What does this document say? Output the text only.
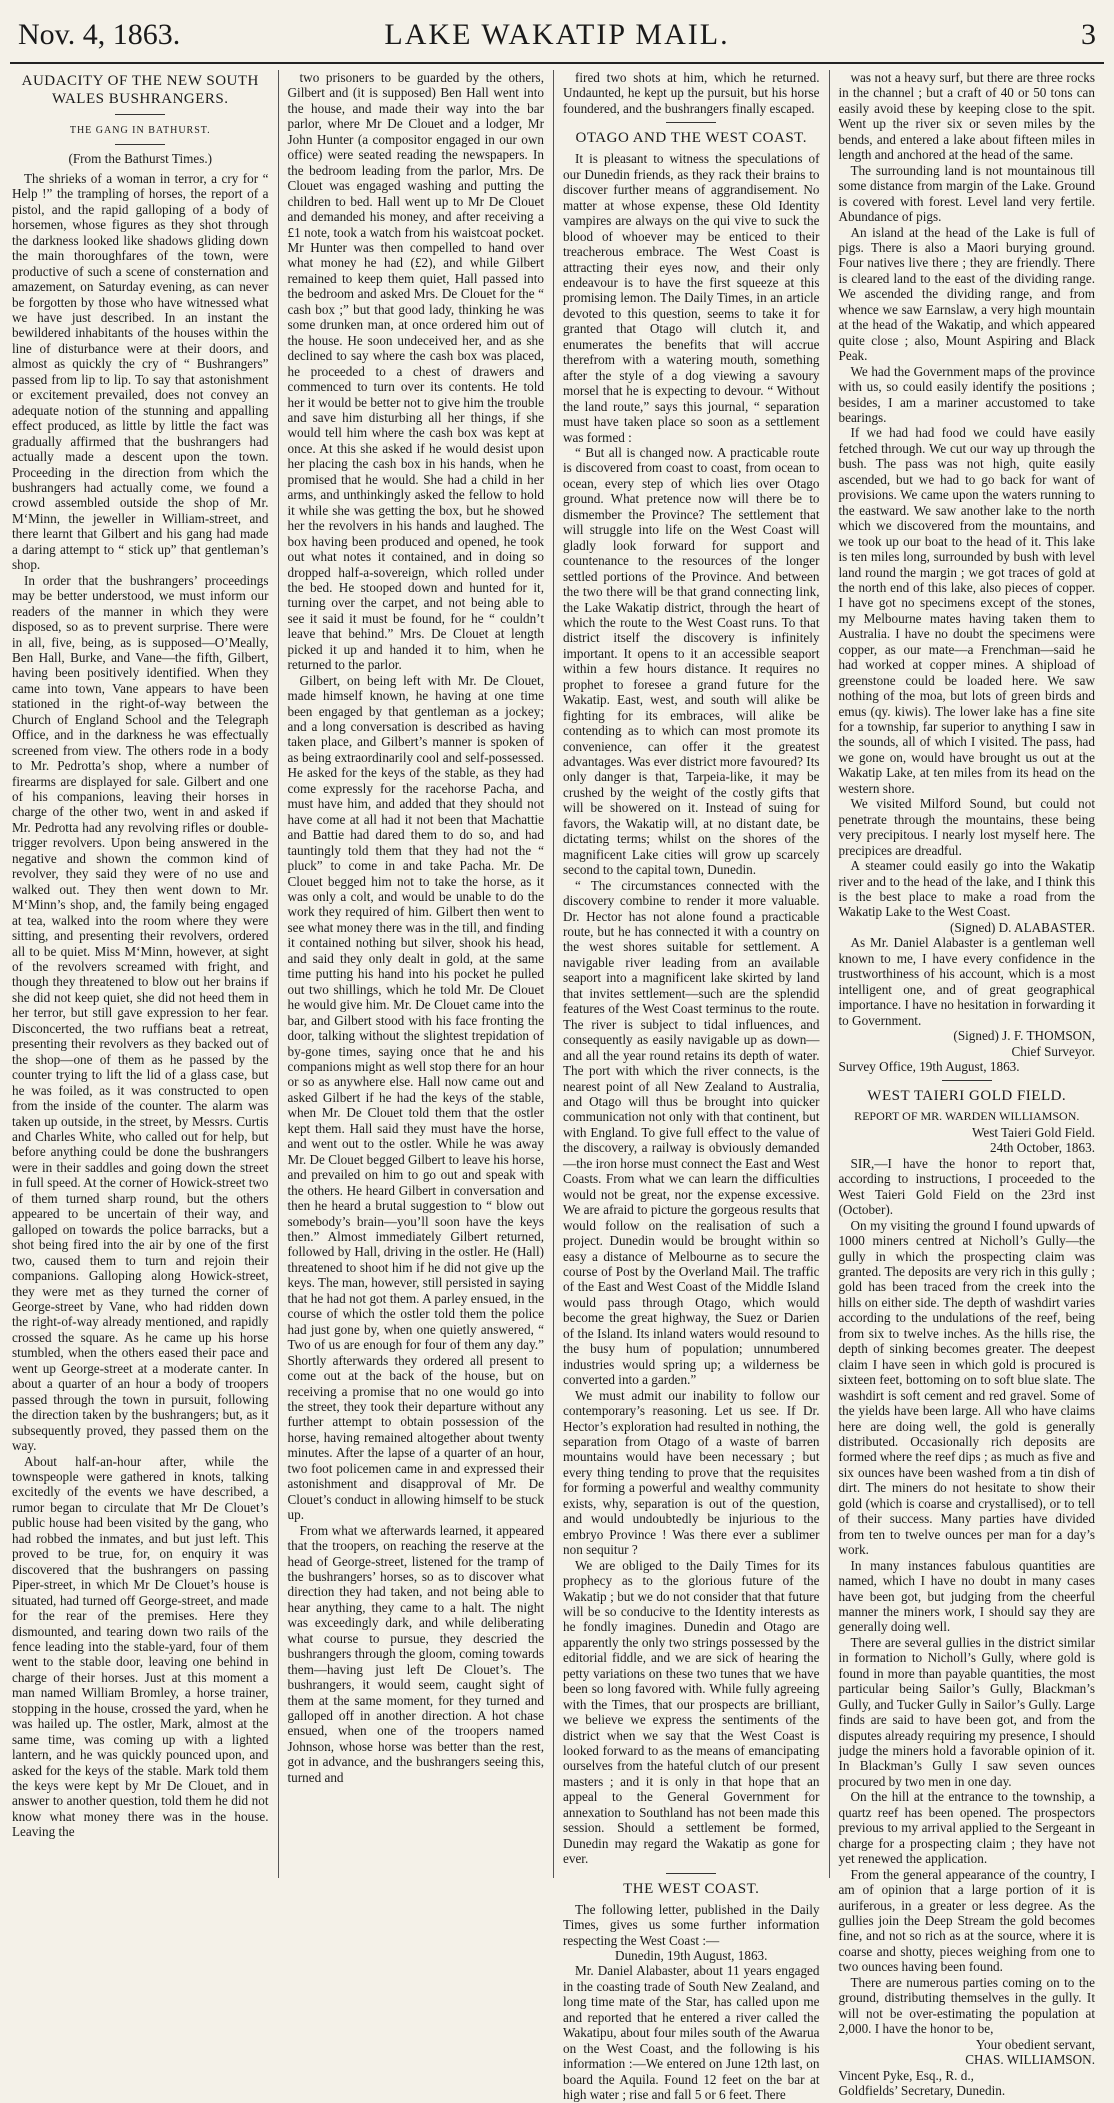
Nov. 4, 1863.	LAKE WAKATIP MAIL.	3

AUDACITY OF THE NEW SOUTH WALES BUSHRANGERS.

THE GANG IN BATHURST.

(From the Bathurst Times.)

The shrieks of a woman in terror, a cry for “ Help !” the trampling of horses, the report of a pistol, and the rapid galloping of a body of horsemen, whose figures as they shot through the darkness looked like shadows gliding down the main thoroughfares of the town, were productive of such a scene of consternation and amazement, on Saturday evening, as can never be forgotten by those who have witnessed what we have just described. In an instant the bewildered inhabitants of the houses within the line of disturbance were at their doors, and almost as quickly the cry of “ Bushrangers” passed from lip to lip. To say that astonishment or excitement prevailed, does not convey an adequate notion of the stunning and appalling effect produced, as little by little the fact was gradually affirmed that the bushrangers had actually made a descent upon the town. Proceeding in the direction from which the bushrangers had actually come, we found a crowd assembled outside the shop of Mr. M‘Minn, the jeweller in William-street, and there learnt that Gilbert and his gang had made a daring attempt to “ stick up” that gentleman’s shop.

In order that the bushrangers’ proceedings may be better understood, we must inform our readers of the manner in which they were disposed, so as to prevent surprise. There were in all, five, being, as is supposed—O’Meally, Ben Hall, Burke, and Vane—the fifth, Gilbert, having been positively identified. When they came into town, Vane appears to have been stationed in the right-of-way between the Church of England School and the Telegraph Office, and in the darkness he was effectually screened from view. The others rode in a body to Mr. Pedrotta’s shop, where a number of firearms are displayed for sale. Gilbert and one of his companions, leaving their horses in charge of the other two, went in and asked if Mr. Pedrotta had any revolving rifles or double-trigger revolvers. Upon being answered in the negative and shown the common kind of revolver, they said they were of no use and walked out. They then went down to Mr. M‘Minn’s shop, and, the family being engaged at tea, walked into the room where they were sitting, and presenting their revolvers, ordered all to be quiet. Miss M‘Minn, however, at sight of the revolvers screamed with fright, and though they threatened to blow out her brains if she did not keep quiet, she did not heed them in her terror, but still gave expression to her fear. Disconcerted, the two ruffians beat a retreat, presenting their revolvers as they backed out of the shop—one of them as he passed by the counter trying to lift the lid of a glass case, but he was foiled, as it was constructed to open from the inside of the counter. The alarm was taken up outside, in the street, by Messrs. Curtis and Charles White, who called out for help, but before anything could be done the bushrangers were in their saddles and going down the street in full speed. At the corner of Howick-street two of them turned sharp round, but the others appeared to be uncertain of their way, and galloped on towards the police barracks, but a shot being fired into the air by one of the first two, caused them to turn and rejoin their companions. Galloping along Howick-street, they were met as they turned the corner of George-street by Vane, who had ridden down the right-of-way already mentioned, and rapidly crossed the square. As he came up his horse stumbled, when the others eased their pace and went up George-street at a moderate canter. In about a quarter of an hour a body of troopers passed through the town in pursuit, following the direction taken by the bushrangers; but, as it subsequently proved, they passed them on the way.

About half-an-hour after, while the townspeople were gathered in knots, talking excitedly of the events we have described, a rumor began to circulate that Mr De Clouet’s public house had been visited by the gang, who had robbed the inmates, and but just left. This proved to be true, for, on enquiry it was discovered that the bushrangers on passing Piper-street, in which Mr De Clouet’s house is situated, had turned off George-street, and made for the rear of the premises. Here they dismounted, and tearing down two rails of the fence leading into the stable-yard, four of them went to the stable door, leaving one behind in charge of their horses. Just at this moment a man named William Bromley, a horse trainer, stopping in the house, crossed the yard, when he was hailed up. The ostler, Mark, almost at the same time, was coming up with a lighted lantern, and he was quickly pounced upon, and asked for the keys of the stable. Mark told them the keys were kept by Mr De Clouet, and in answer to another question, told them he did not know what money there was in the house. Leaving the

two prisoners to be guarded by the others, Gilbert and (it is supposed) Ben Hall went into the house, and made their way into the bar parlor, where Mr De Clouet and a lodger, Mr John Hunter (a compositor engaged in our own office) were seated reading the newspapers. In the bedroom leading from the parlor, Mrs. De Clouet was engaged washing and putting the children to bed. Hall went up to Mr De Clouet and demanded his money, and after receiving a £1 note, took a watch from his waistcoat pocket. Mr Hunter was then compelled to hand over what money he had (£2), and while Gilbert remained to keep them quiet, Hall passed into the bedroom and asked Mrs. De Clouet for the “ cash box ;” but that good lady, thinking he was some drunken man, at once ordered him out of the house. He soon undeceived her, and as she declined to say where the cash box was placed, he proceeded to a chest of drawers and commenced to turn over its contents. He told her it would be better not to give him the trouble and save him disturbing all her things, if she would tell him where the cash box was kept at once. At this she asked if he would desist upon her placing the cash box in his hands, when he promised that he would. She had a child in her arms, and unthinkingly asked the fellow to hold it while she was getting the box, but he showed her the revolvers in his hands and laughed. The box having been produced and opened, he took out what notes it contained, and in doing so dropped half-a-sovereign, which rolled under the bed. He stooped down and hunted for it, turning over the carpet, and not being able to see it said it must be found, for he “ couldn’t leave that behind.” Mrs. De Clouet at length picked it up and handed it to him, when he returned to the parlor.

Gilbert, on being left with Mr. De Clouet, made himself known, he having at one time been engaged by that gentleman as a jockey; and a long conversation is described as having taken place, and Gilbert’s manner is spoken of as being extraordinarily cool and self-possessed. He asked for the keys of the stable, as they had come expressly for the racehorse Pacha, and must have him, and added that they should not have come at all had it not been that Machattie and Battie had dared them to do so, and had tauntingly told them that they had not the “ pluck” to come in and take Pacha. Mr. De Clouet begged him not to take the horse, as it was only a colt, and would be unable to do the work they required of him. Gilbert then went to see what money there was in the till, and finding it contained nothing but silver, shook his head, and said they only dealt in gold, at the same time putting his hand into his pocket he pulled out two shillings, which he told Mr. De Clouet he would give him. Mr. De Clouet came into the bar, and Gilbert stood with his face fronting the door, talking without the slightest trepidation of by-gone times, saying once that he and his companions might as well stop there for an hour or so as anywhere else. Hall now came out and asked Gilbert if he had the keys of the stable, when Mr. De Clouet told them that the ostler kept them. Hall said they must have the horse, and went out to the ostler. While he was away Mr. De Clouet begged Gilbert to leave his horse, and prevailed on him to go out and speak with the others. He heard Gilbert in conversation and then he heard a brutal suggestion to “ blow out somebody’s brain—you’ll soon have the keys then.” Almost immediately Gilbert returned, followed by Hall, driving in the ostler. He (Hall) threatened to shoot him if he did not give up the keys. The man, however, still persisted in saying that he had not got them. A parley ensued, in the course of which the ostler told them the police had just gone by, when one quietly answered, “ Two of us are enough for four of them any day.” Shortly afterwards they ordered all present to come out at the back of the house, but on receiving a promise that no one would go into the street, they took their departure without any further attempt to obtain possession of the horse, having remained altogether about twenty minutes. After the lapse of a quarter of an hour, two foot policemen came in and expressed their astonishment and disapproval of Mr. De Clouet’s conduct in allowing himself to be stuck up.

From what we afterwards learned, it appeared that the troopers, on reaching the reserve at the head of George-street, listened for the tramp of the bushrangers’ horses, so as to discover what direction they had taken, and not being able to hear anything, they came to a halt. The night was exceedingly dark, and while deliberating what course to pursue, they descried the bushrangers through the gloom, coming towards them—having just left De Clouet’s. The bushrangers, it would seem, caught sight of them at the same moment, for they turned and galloped off in another direction. A hot chase ensued, when one of the troopers named Johnson, whose horse was better than the rest, got in advance, and the bushrangers seeing this, turned and

fired two shots at him, which he returned. Undaunted, he kept up the pursuit, but his horse foundered, and the bushrangers finally escaped.

OTAGO AND THE WEST COAST.

It is pleasant to witness the speculations of our Dunedin friends, as they rack their brains to discover further means of aggrandisement. No matter at whose expense, these Old Identity vampires are always on the qui vive to suck the blood of whoever may be enticed to their treacherous embrace. The West Coast is attracting their eyes now, and their only endeavour is to have the first squeeze at this promising lemon. The Daily Times, in an article devoted to this question, seems to take it for granted that Otago will clutch it, and enumerates the benefits that will accrue therefrom with a watering mouth, something after the style of a dog viewing a savoury morsel that he is expecting to devour. “ Without the land route,” says this journal, “ separation must have taken place so soon as a settlement was formed :

“ But all is changed now. A practicable route is discovered from coast to coast, from ocean to ocean, every step of which lies over Otago ground. What pretence now will there be to dismember the Province? The settlement that will struggle into life on the West Coast will gladly look forward for support and countenance to the resources of the longer settled portions of the Province. And between the two there will be that grand connecting link, the Lake Wakatip district, through the heart of which the route to the West Coast runs. To that district itself the discovery is infinitely important. It opens to it an accessible seaport within a few hours distance. It requires no prophet to foresee a grand future for the Wakatip. East, west, and south will alike be fighting for its embraces, will alike be contending as to which can most promote its convenience, can offer it the greatest advantages. Was ever district more favoured? Its only danger is that, Tarpeia-like, it may be crushed by the weight of the costly gifts that will be showered on it. Instead of suing for favors, the Wakatip will, at no distant date, be dictating terms; whilst on the shores of the magnificent Lake cities will grow up scarcely second to the capital town, Dunedin.

“ The circumstances connected with the discovery combine to render it more valuable. Dr. Hector has not alone found a practicable route, but he has connected it with a country on the west shores suitable for settlement. A navigable river leading from an available seaport into a magnificent lake skirted by land that invites settlement—such are the splendid features of the West Coast terminus to the route. The river is subject to tidal influences, and consequently as easily navigable up as down—and all the year round retains its depth of water. The port with which the river connects, is the nearest point of all New Zealand to Australia, and Otago will thus be brought into quicker communication not only with that continent, but with England. To give full effect to the value of the discovery, a railway is obviously demanded—the iron horse must connect the East and West Coasts. From what we can learn the difficulties would not be great, nor the expense excessive. We are afraid to picture the gorgeous results that would follow on the realisation of such a project. Dunedin would be brought within so easy a distance of Melbourne as to secure the course of Post by the Overland Mail. The traffic of the East and West Coast of the Middle Island would pass through Otago, which would become the great highway, the Suez or Darien of the Island. Its inland waters would resound to the busy hum of population; unnumbered industries would spring up; a wilderness be converted into a garden.”

We must admit our inability to follow our contemporary’s reasoning. Let us see. If Dr. Hector’s exploration had resulted in nothing, the separation from Otago of a waste of barren mountains would have been necessary ; but every thing tending to prove that the requisites for forming a powerful and wealthy community exists, why, separation is out of the question, and would undoubtedly be injurious to the embryo Province ! Was there ever a sublimer non sequitur ?

We are obliged to the Daily Times for its prophecy as to the glorious future of the Wakatip ; but we do not consider that that future will be so conducive to the Identity interests as he fondly imagines. Dunedin and Otago are apparently the only two strings possessed by the editorial fiddle, and we are sick of hearing the petty variations on these two tunes that we have been so long favored with. While fully agreeing with the Times, that our prospects are brilliant, we believe we express the sentiments of the district when we say that the West Coast is looked forward to as the means of emancipating ourselves from the hateful clutch of our present masters ; and it is only in that hope that an appeal to the General Government for annexation to Southland has not been made this session. Should a settlement be formed, Dunedin may regard the Wakatip as gone for ever.

THE WEST COAST.

The following letter, published in the Daily Times, gives us some further information respecting the West Coast :—

Dunedin, 19th August, 1863.

Mr. Daniel Alabaster, about 11 years engaged in the coasting trade of South New Zealand, and long time mate of the Star, has called upon me and reported that he entered a river called the Wakatipu, about four miles south of the Awarua on the West Coast, and the following is his information :—We entered on June 12th last, on board the Aquila. Found 12 feet on the bar at high water ; rise and fall 5 or 6 feet. There

was not a heavy surf, but there are three rocks in the channel ; but a craft of 40 or 50 tons can easily avoid these by keeping close to the spit. Went up the river six or seven miles by the bends, and entered a lake about fifteen miles in length and anchored at the head of the same.

The surrounding land is not mountainous till some distance from margin of the Lake. Ground is covered with forest. Level land very fertile. Abundance of pigs.

An island at the head of the Lake is full of pigs. There is also a Maori burying ground. Four natives live there ; they are friendly. There is cleared land to the east of the dividing range. We ascended the dividing range, and from whence we saw Earnslaw, a very high mountain at the head of the Wakatip, and which appeared quite close ; also, Mount Aspiring and Black Peak.

We had the Government maps of the province with us, so could easily identify the positions ; besides, I am a mariner accustomed to take bearings.

If we had had food we could have easily fetched through. We cut our way up through the bush. The pass was not high, quite easily ascended, but we had to go back for want of provisions. We came upon the waters running to the eastward. We saw another lake to the north which we discovered from the mountains, and we took up our boat to the head of it. This lake is ten miles long, surrounded by bush with level land round the margin ; we got traces of gold at the north end of this lake, also pieces of copper. I have got no specimens except of the stones, my Melbourne mates having taken them to Australia. I have no doubt the specimens were copper, as our mate—a Frenchman—said he had worked at copper mines. A shipload of greenstone could be loaded here. We saw nothing of the moa, but lots of green birds and emus (qy. kiwis). The lower lake has a fine site for a township, far superior to anything I saw in the sounds, all of which I visited. The pass, had we gone on, would have brought us out at the Wakatip Lake, at ten miles from its head on the western shore.

We visited Milford Sound, but could not penetrate through the mountains, these being very precipitous. I nearly lost myself here. The precipices are dreadful.

A steamer could easily go into the Wakatip river and to the head of the lake, and I think this is the best place to make a road from the Wakatip Lake to the West Coast.

(Signed) D. ALABASTER.

As Mr. Daniel Alabaster is a gentleman well known to me, I have every confidence in the trustworthiness of his account, which is a most intelligent one, and of great geographical importance. I have no hesitation in forwarding it to Government.

(Signed) J. F. THOMSON,

Chief Surveyor.

Survey Office, 19th August, 1863.

WEST TAIERI GOLD FIELD.

REPORT OF MR. WARDEN WILLIAMSON.

West Taieri Gold Field.

24th October, 1863.

SIR,—I have the honor to report that, according to instructions, I proceeded to the West Taieri Gold Field on the 23rd inst (October).

On my visiting the ground I found upwards of 1000 miners centred at Nicholl’s Gully—the gully in which the prospecting claim was granted. The deposits are very rich in this gully ; gold has been traced from the creek into the hills on either side. The depth of washdirt varies according to the undulations of the reef, being from six to twelve inches. As the hills rise, the depth of sinking becomes greater. The deepest claim I have seen in which gold is procured is sixteen feet, bottoming on to soft blue slate. The washdirt is soft cement and red gravel. Some of the yields have been large. All who have claims here are doing well, the gold is generally distributed. Occasionally rich deposits are formed where the reef dips ; as much as five and six ounces have been washed from a tin dish of dirt. The miners do not hesitate to show their gold (which is coarse and crystallised), or to tell of their success. Many parties have divided from ten to twelve ounces per man for a day’s work.

In many instances fabulous quantities are named, which I have no doubt in many cases have been got, but judging from the cheerful manner the miners work, I should say they are generally doing well.

There are several gullies in the district similar in formation to Nicholl’s Gully, where gold is found in more than payable quantities, the most particular being Sailor’s Gully, Blackman’s Gully, and Tucker Gully in Sailor’s Gully. Large finds are said to have been got, and from the disputes already requiring my presence, I should judge the miners hold a favorable opinion of it. In Blackman’s Gully I saw seven ounces procured by two men in one day.

On the hill at the entrance to the township, a quartz reef has been opened. The prospectors previous to my arrival applied to the Sergeant in charge for a prospecting claim ; they have not yet renewed the application.

From the general appearance of the country, I am of opinion that a large portion of it is auriferous, in a greater or less degree. As the gullies join the Deep Stream the gold becomes fine, and not so rich as at the source, where it is coarse and shotty, pieces weighing from one to two ounces having been found.

There are numerous parties coming on to the ground, distributing themselves in the gully. It will not be over-estimating the population at 2,000. I have the honor to be,

Your obedient servant,

CHAS. WILLIAMSON.

Vincent Pyke, Esq., R. d.,

Goldfields’ Secretary, Dunedin.
